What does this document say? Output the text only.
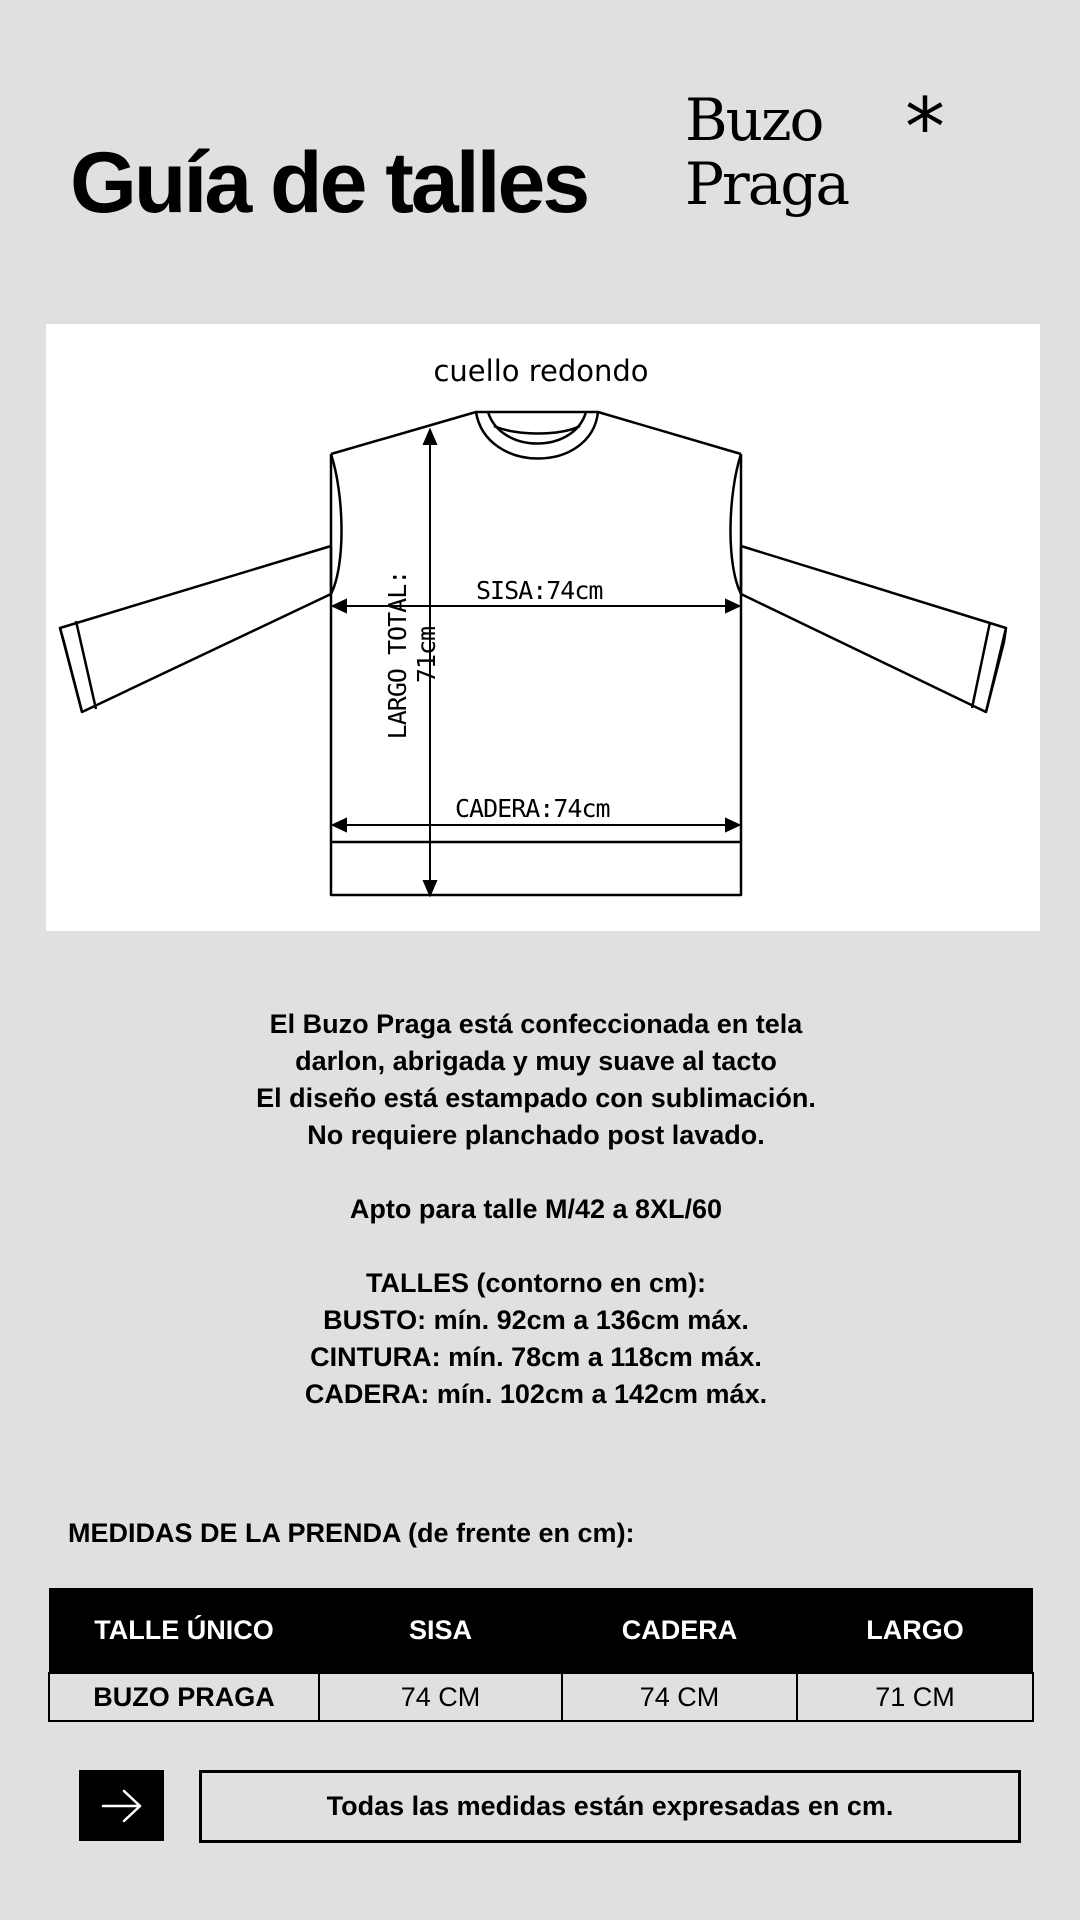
Guía de talles
Buzo
Praga
*
cuello redondo
SISA:74cm
CADERA:74cm
LARGO TOTAL: 71cm

El Buzo Praga está confeccionada en tela

darlon, abrigada y muy suave al tacto

El diseño está estampado con sublimación.

No requiere planchado post lavado.

Apto para talle M/42 a 8XL/60

TALLES (contorno en cm):

BUSTO: mín. 92cm a 136cm máx.

CINTURA: mín. 78cm a 118cm máx.

CADERA: mín. 102cm a 142cm máx.

MEDIDAS DE LA PRENDA (de frente en cm):
TALLE ÚNICO	SISA	CADERA	LARGO
BUZO PRAGA	74 CM	74 CM	71 CM
Todas las medidas están expresadas en cm.
